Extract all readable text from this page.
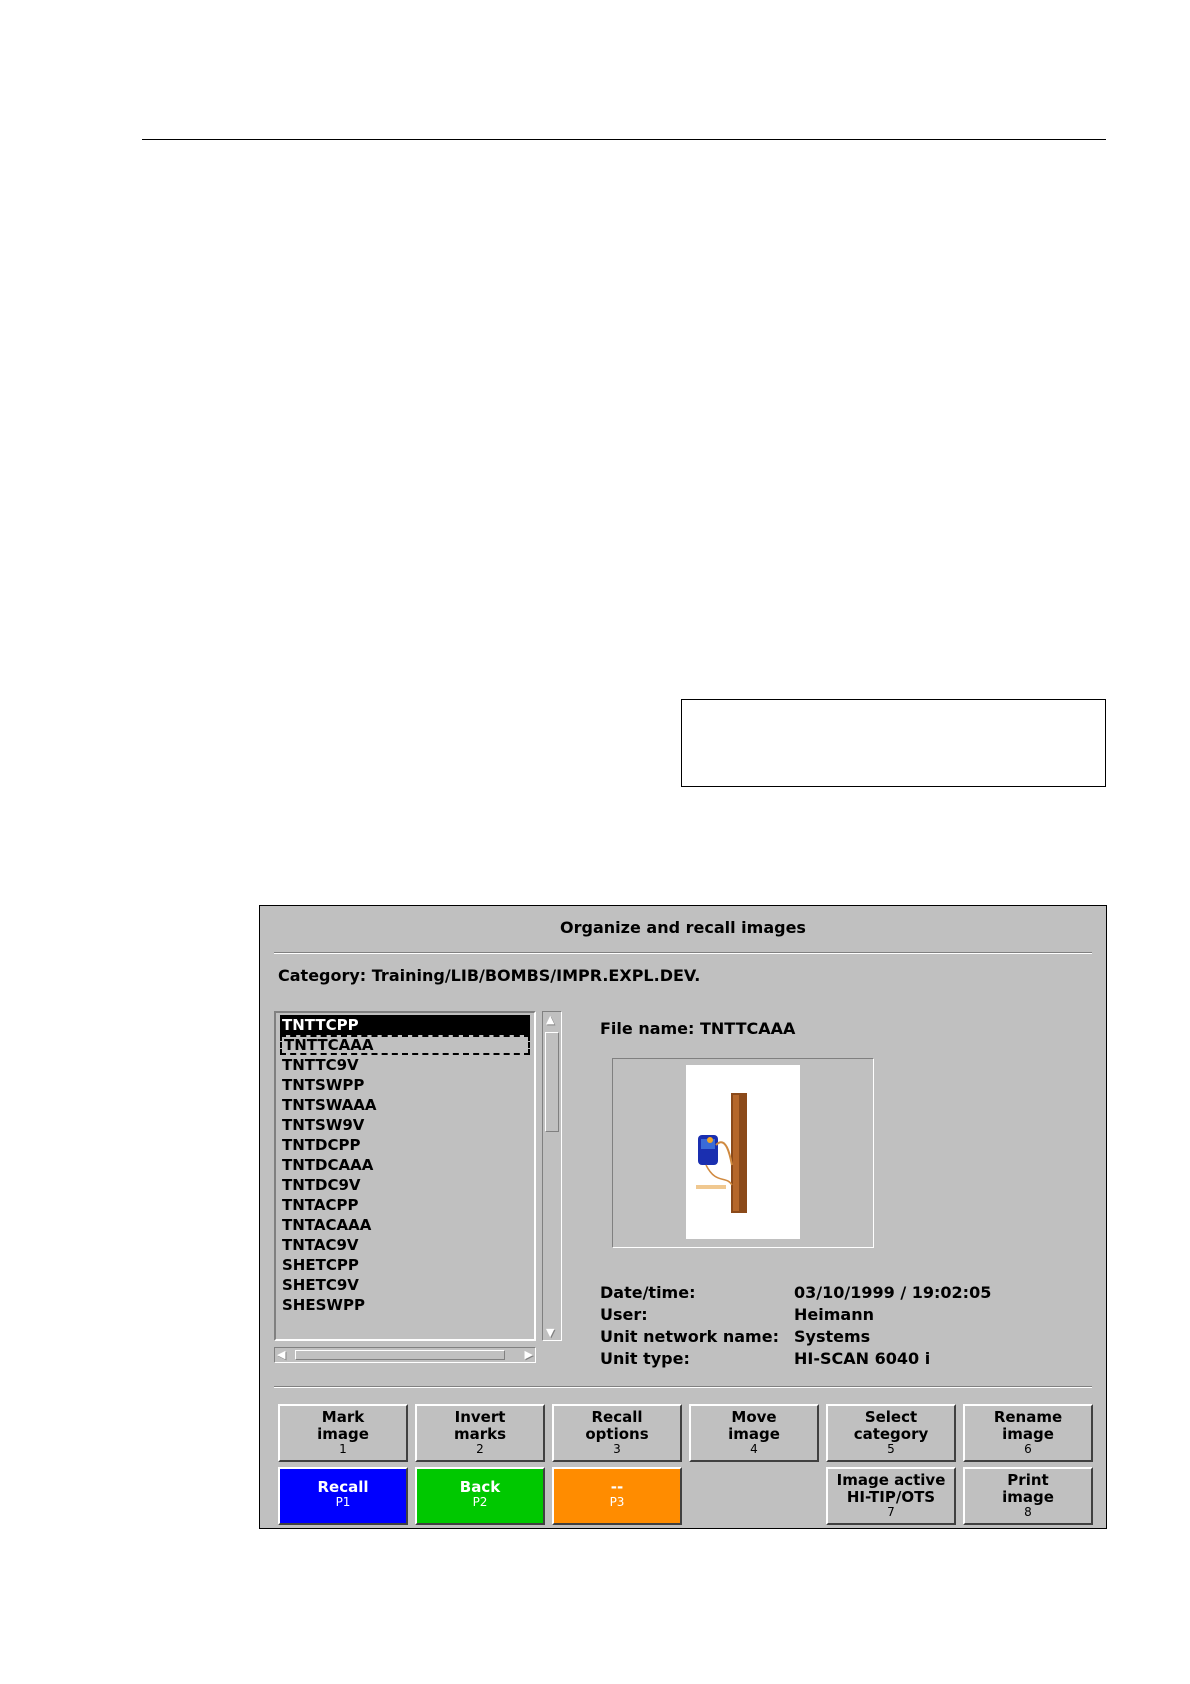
Organize and recall images
Category: Training/LIB/BOMBS/IMPR.EXPL.DEV.
TNTTCPP
TNTTCAAA
TNTTC9V
TNTSWPP
TNTSWAAA
TNTSW9V
TNTDCPP
TNTDCAAA
TNTDC9V
TNTACPP
TNTACAAA
TNTAC9V
SHETCPP
SHETC9V
SHESWPP
▲
▼
◀	▶
File name: TNTTCAAA
Date/time:	03/10/1999 / 19:02:05
User:	Heimann
Unit network name: Systems
Unit type:	HI-SCAN 6040 i
Mark
image
1
Invert
marks
2
Recall
options
3
Move
image
4
Select
category
5
Rename
image
6
Recall
P1
Back
P2
--
P3
Image active
HI-TIP/OTS
7
Print
image
8
